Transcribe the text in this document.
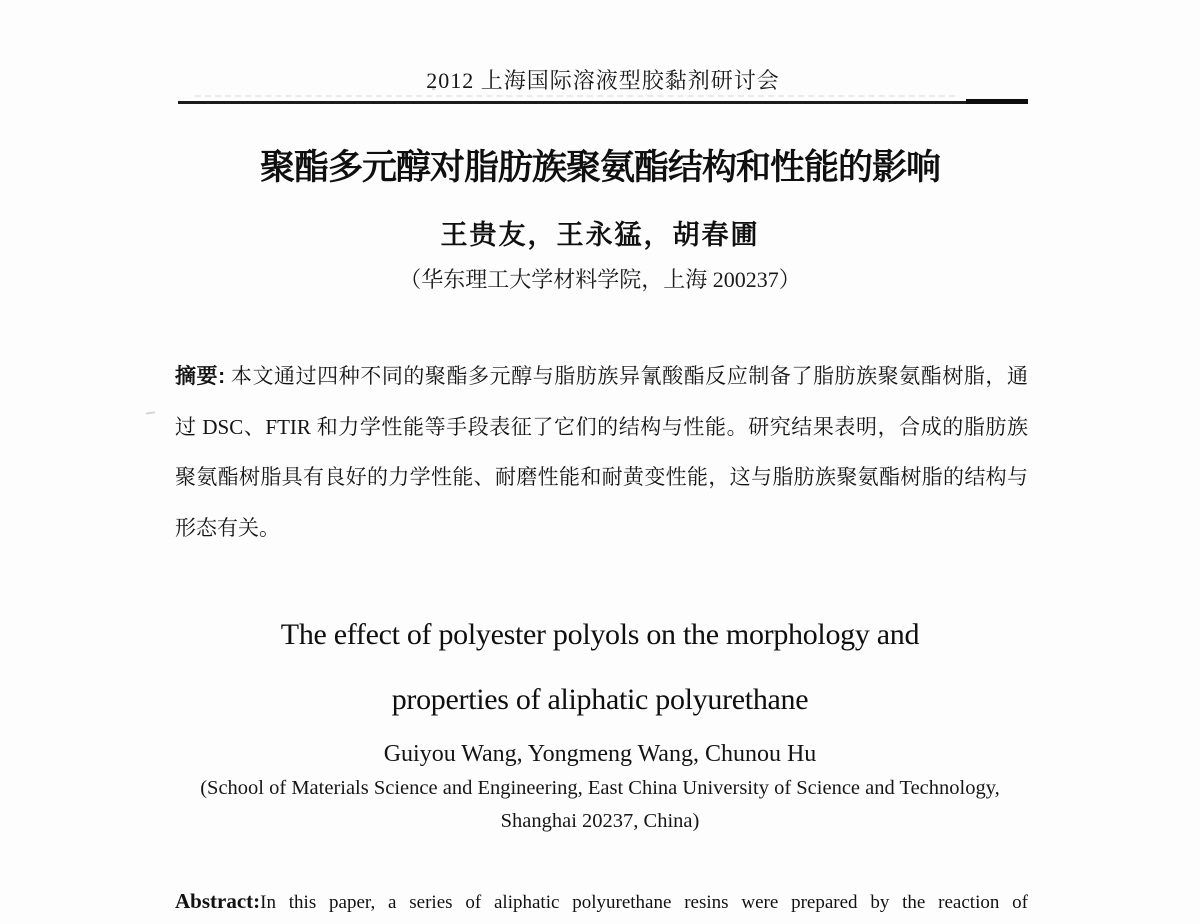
2012 上海国际溶液型胶黏剂研讨会
聚酯多元醇对脂肪族聚氨酯结构和性能的影响
王贵友，王永猛，胡春圃
（华东理工大学材料学院，上海 200237）
摘要: 本文通过四种不同的聚酯多元醇与脂肪族异氰酸酯反应制备了脂肪族聚氨酯树脂，通
过 DSC、FTIR 和力学性能等手段表征了它们的结构与性能。研究结果表明，合成的脂肪族
聚氨酯树脂具有良好的力学性能、耐磨性能和耐黄变性能，这与脂肪族聚氨酯树脂的结构与
形态有关。
The effect of polyester polyols on the morphology and
properties of aliphatic polyurethane
Guiyou Wang, Yongmeng Wang, Chunou Hu
(School of Materials Science and Engineering, East China University of Science and Technology,
Shanghai 20237, China)
Abstract:In this paper, a series of aliphatic polyurethane resins were prepared by the reaction of
